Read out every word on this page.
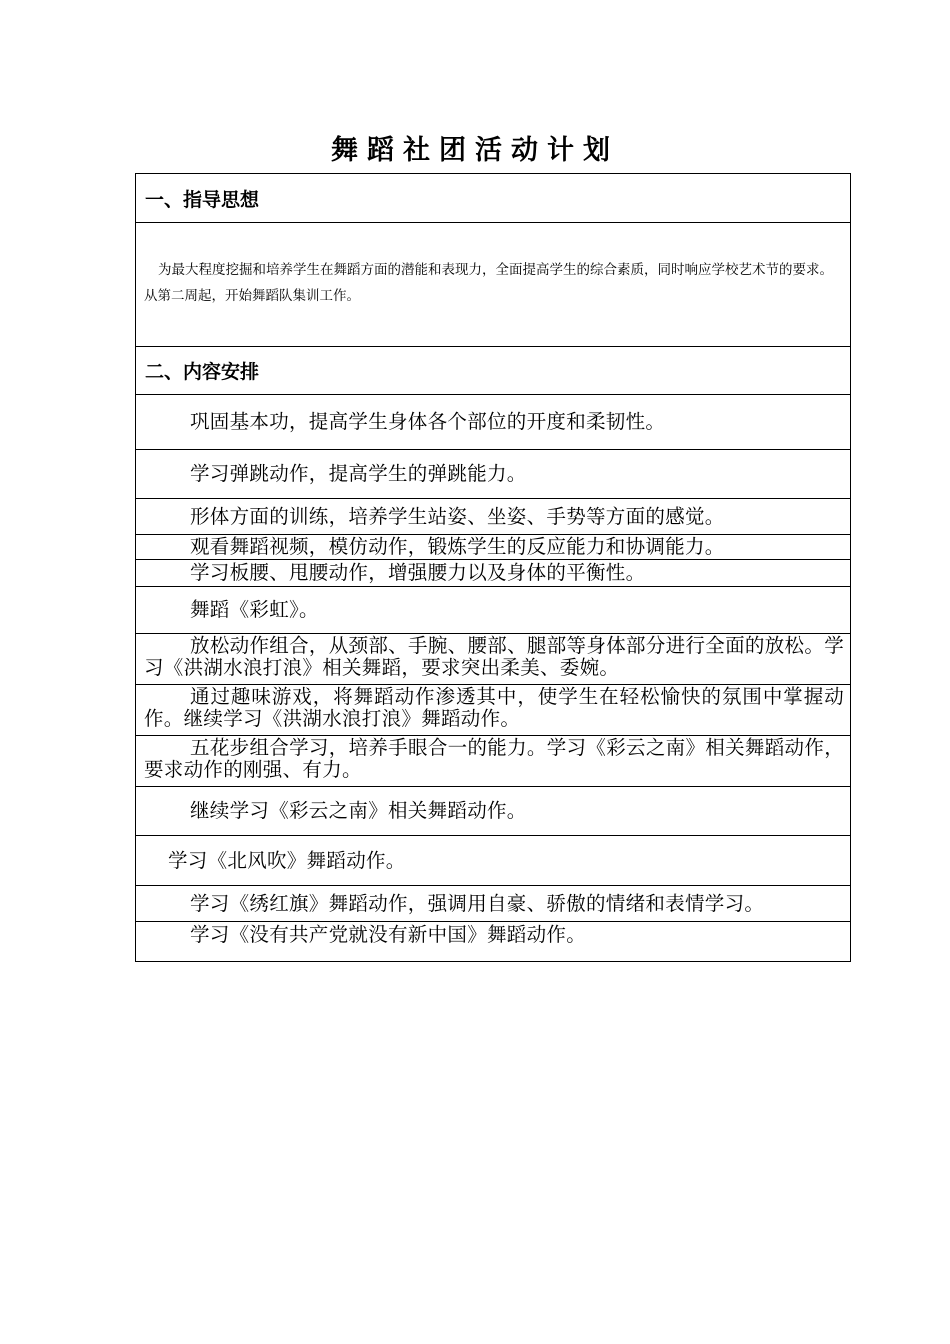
舞蹈社团活动计划
一、指导思想
为最大程度挖掘和培养学生在舞蹈方面的潜能和表现力，全面提高学生的综合素质，同时响应学校艺术节的要求。从第二周起，开始舞蹈队集训工作。
二、内容安排
巩固基本功，提高学生身体各个部位的开度和柔韧性。
学习弹跳动作，提高学生的弹跳能力。
形体方面的训练，培养学生站姿、坐姿、手势等方面的感觉。
观看舞蹈视频，模仿动作，锻炼学生的反应能力和协调能力。
学习板腰、甩腰动作，增强腰力以及身体的平衡性。
舞蹈《彩虹》。
放松动作组合，从颈部、手腕、腰部、腿部等身体部分进行全面的放松。学习《洪湖水浪打浪》相关舞蹈，要求突出柔美、委婉。
通过趣味游戏，将舞蹈动作渗透其中，使学生在轻松愉快的氛围中掌握动作。继续学习《洪湖水浪打浪》舞蹈动作。
五花步组合学习，培养手眼合一的能力。学习《彩云之南》相关舞蹈动作，要求动作的刚强、有力。
继续学习《彩云之南》相关舞蹈动作。
学习《北风吹》舞蹈动作。
学习《绣红旗》舞蹈动作，强调用自豪、骄傲的情绪和表情学习。
学习《没有共产党就没有新中国》舞蹈动作。
